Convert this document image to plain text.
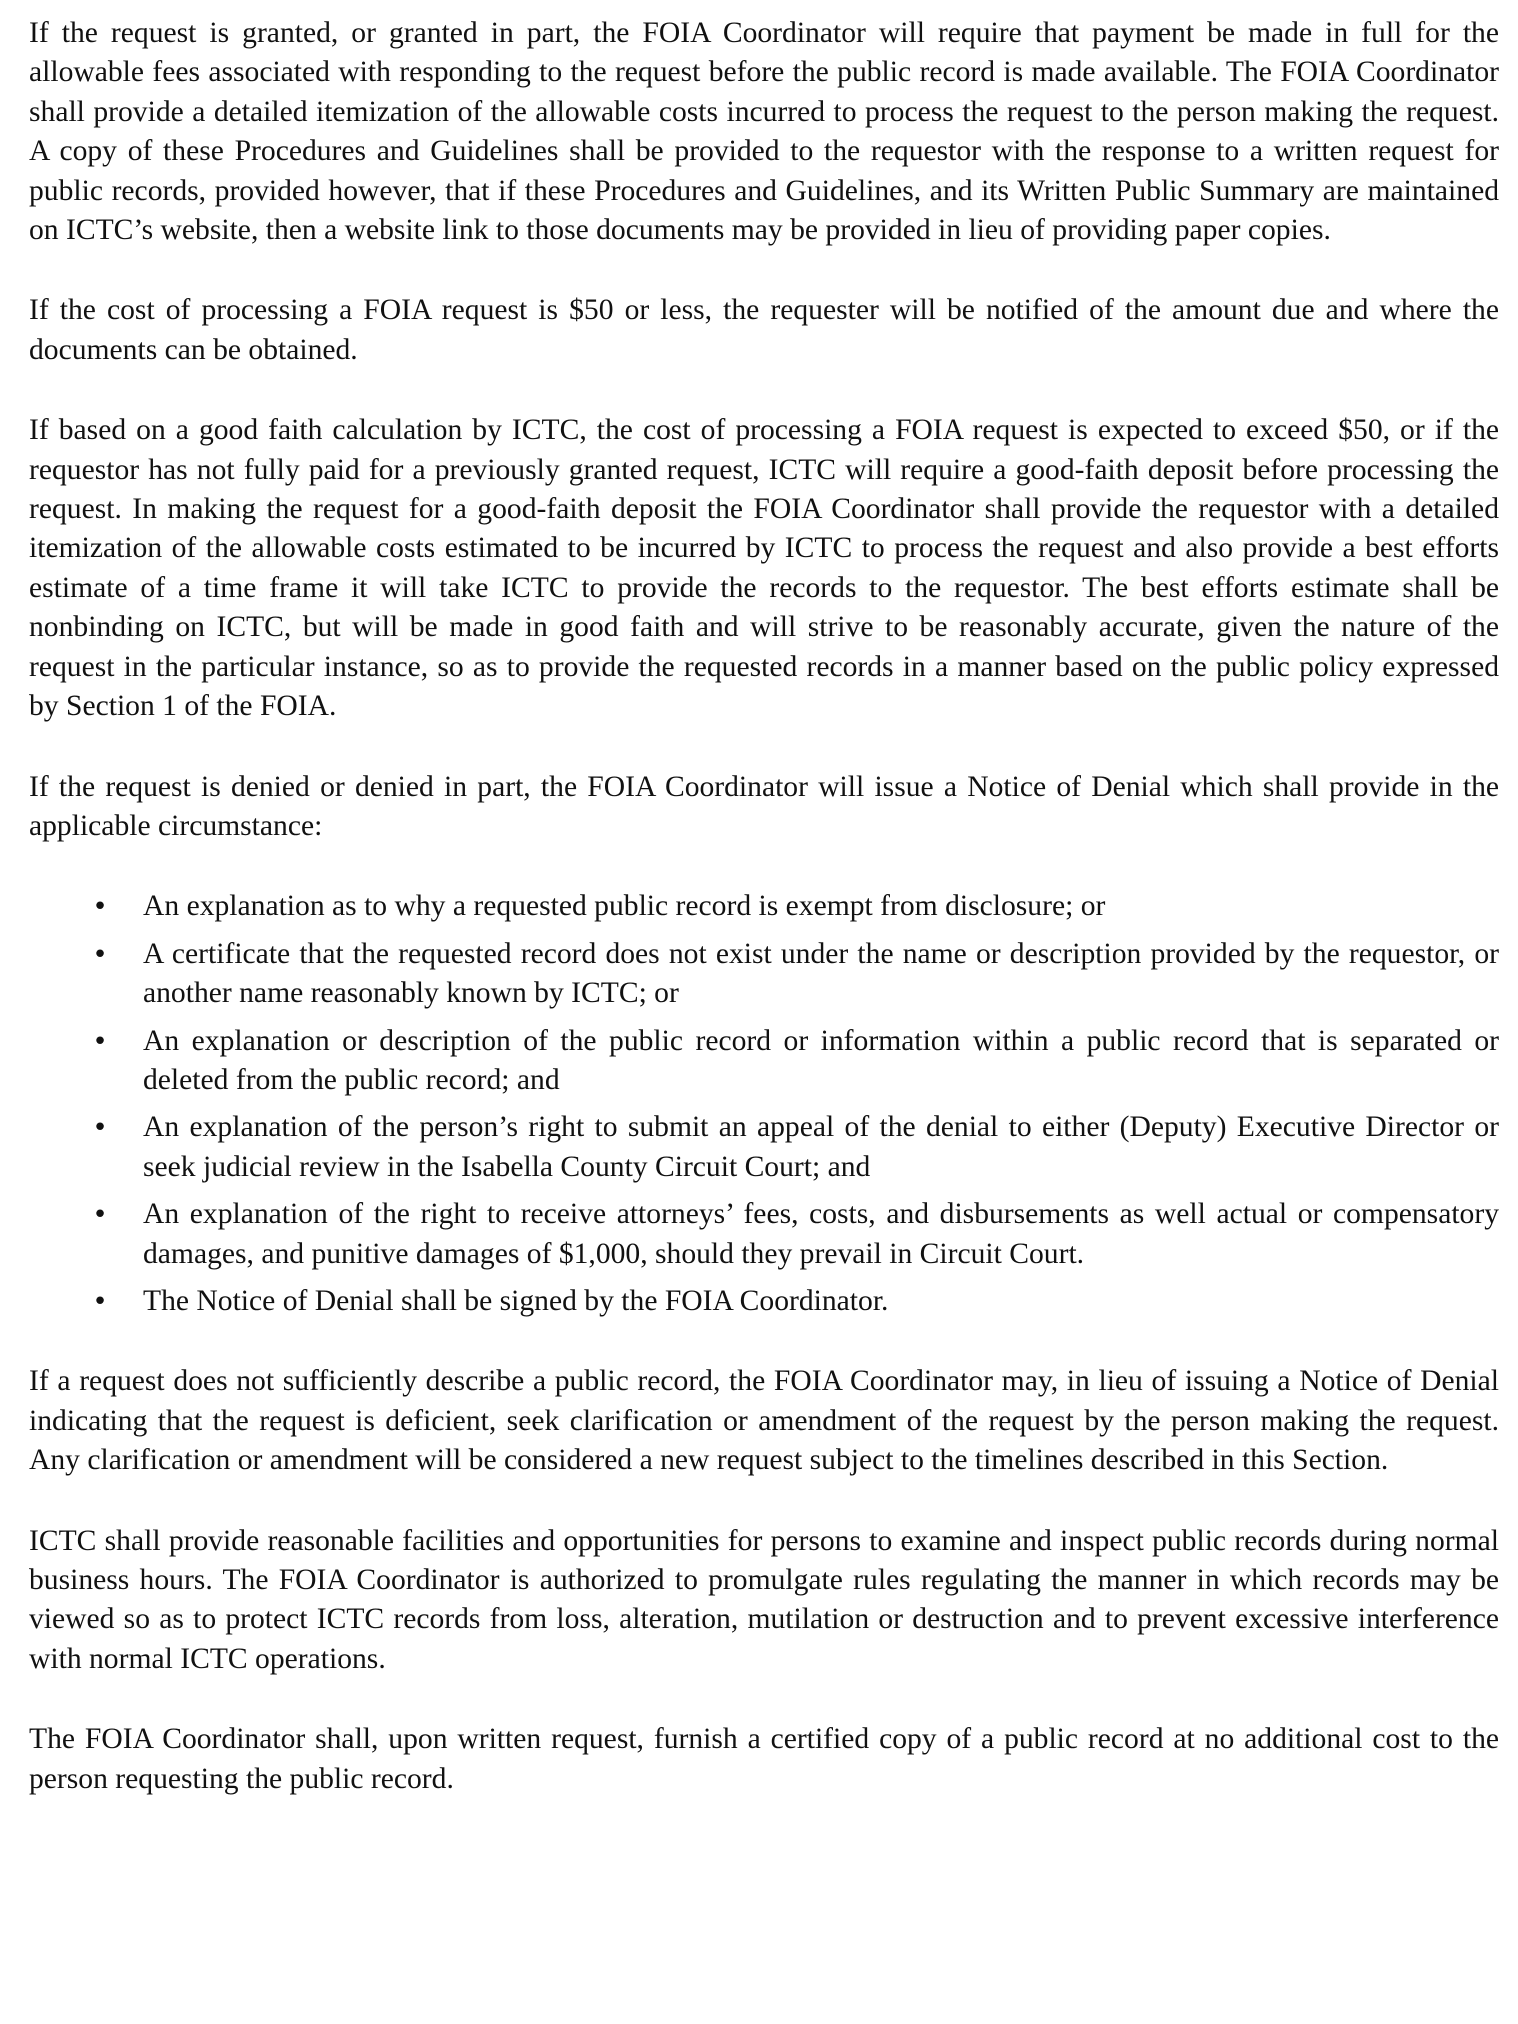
If the request is granted, or granted in part, the FOIA Coordinator will require that payment be made in full for the allowable fees associated with responding to the request before the public record is made available. The FOIA Coordinator shall provide a detailed itemization of the allowable costs incurred to process the request to the person making the request. A copy of these Procedures and Guidelines shall be provided to the requestor with the response to a written request for public records, provided however, that if these Procedures and Guidelines, and its Written Public Summary are maintained on ICTC’s website, then a website link to those documents may be provided in lieu of providing paper copies.

If the cost of processing a FOIA request is $50 or less, the requester will be notified of the amount due and where the documents can be obtained.

If based on a good faith calculation by ICTC, the cost of processing a FOIA request is expected to exceed $50, or if the requestor has not fully paid for a previously granted request, ICTC will require a good-faith deposit before processing the request. In making the request for a good-faith deposit the FOIA Coordinator shall provide the requestor with a detailed itemization of the allowable costs estimated to be incurred by ICTC to process the request and also provide a best efforts estimate of a time frame it will take ICTC to provide the records to the requestor. The best efforts estimate shall be nonbinding on ICTC, but will be made in good faith and will strive to be reasonably accurate, given the nature of the request in the particular instance, so as to provide the requested records in a manner based on the public policy expressed by Section 1 of the FOIA.

If the request is denied or denied in part, the FOIA Coordinator will issue a Notice of Denial which shall provide in the applicable circumstance:

•
An explanation as to why a requested public record is exempt from disclosure; or
•
A certificate that the requested record does not exist under the name or description provided by the requestor, or another name reasonably known by ICTC; or
•
An explanation or description of the public record or information within a public record that is separated or deleted from the public record; and
•
An explanation of the person’s right to submit an appeal of the denial to either (Deputy) Executive Director or seek judicial review in the Isabella County Circuit Court; and
•
An explanation of the right to receive attorneys’ fees, costs, and disbursements as well actual or compensatory damages, and punitive damages of $1,000, should they prevail in Circuit Court.
•
The Notice of Denial shall be signed by the FOIA Coordinator.

If a request does not sufficiently describe a public record, the FOIA Coordinator may, in lieu of issuing a Notice of Denial indicating that the request is deficient, seek clarification or amendment of the request by the person making the request. Any clarification or amendment will be considered a new request subject to the timelines described in this Section.

ICTC shall provide reasonable facilities and opportunities for persons to examine and inspect public records during normal business hours. The FOIA Coordinator is authorized to promulgate rules regulating the manner in which records may be viewed so as to protect ICTC records from loss, alteration, mutilation or destruction and to prevent excessive interference with normal ICTC operations.

The FOIA Coordinator shall, upon written request, furnish a certified copy of a public record at no additional cost to the person requesting the public record.
